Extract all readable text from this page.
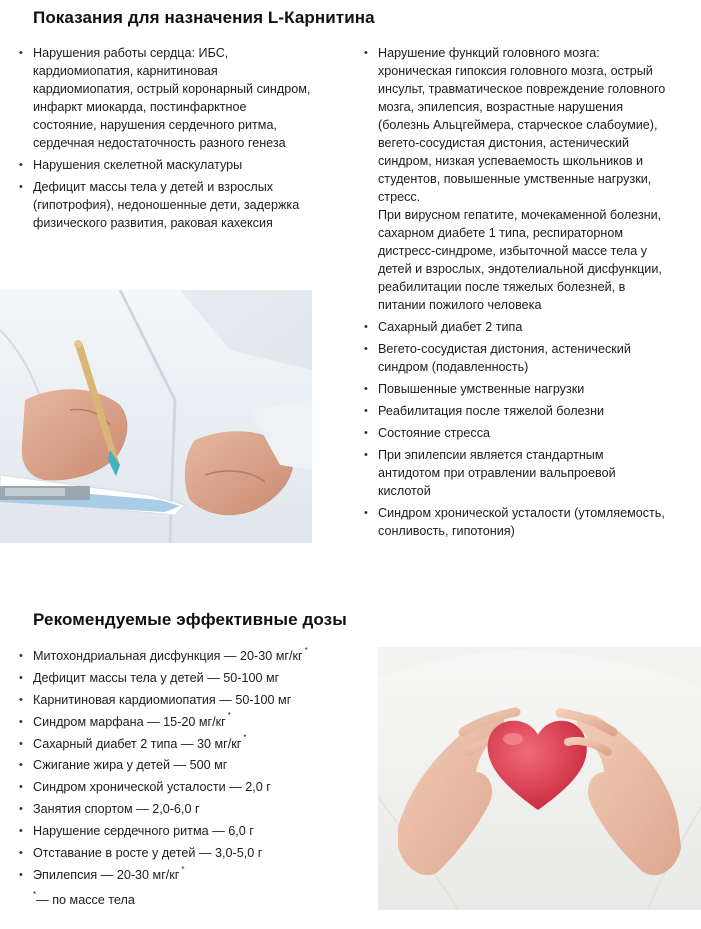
Показания для назначения L-Карнитина
• Нарушения работы сердца: ИБС, кардиомиопатия, карнитиновая кардиомиопатия, острый коронарный синдром, инфаркт миокарда, постинфарктное состояние, нарушения сердечного ритма, сердечная недостаточность разного генеза
• Нарушения скелетной маскулатуры
• Дефицит массы тела у детей и взрослых (гипотрофия), недоношенные дети, задержка физического развития, раковая кахексия
• Нарушение функций головного мозга: хроническая гипоксия головного мозга, острый инсульт, травматическое повреждение головного мозга, эпилепсия, возрастные нарушения (болезнь Альцгеймера, старческое слабоумие), вегето-сосудистая дистония, астенический синдром, низкая успеваемость школьников и студентов, повышенные умственные нагрузки, стресс.
При вирусном гепатите, мочекаменной болезни, сахарном диабете 1 типа, респираторном дистресс-синдроме, избыточной массе тела у детей и взрослых, эндотелиальной дисфункции, реабилитации после тяжелых болезней, в питании пожилого человека
• Сахарный диабет 2 типа
• Вегето-сосудистая дистония, астенический синдром (подавленность)
• Повышенные умственные нагрузки
• Реабилитация после тяжелой болезни
• Состояние стресса
• При эпилепсии является стандартным антидотом при отравлении вальпроевой кислотой
• Синдром хронической усталости (утомляемость, сонливость, гипотония)
Рекомендуемые эффективные дозы
• Митохондриальная дисфункция — 20-30 мг/кг *
• Дефицит массы тела у детей — 50-100 мг
• Карнитиновая кардиомиопатия — 50-100 мг
• Синдром марфана — 15-20 мг/кг *
• Сахарный диабет 2 типа — 30 мг/кг *
• Сжигание жира у детей — 500 мг
• Синдром хронической усталости — 2,0 г
• Занятия спортом — 2,0-6,0 г
• Нарушение сердечного ритма — 6,0 г
• Отставание в росте у детей — 3,0-5,0 г
• Эпилепсия — 20-30 мг/кг *
*— по массе тела
